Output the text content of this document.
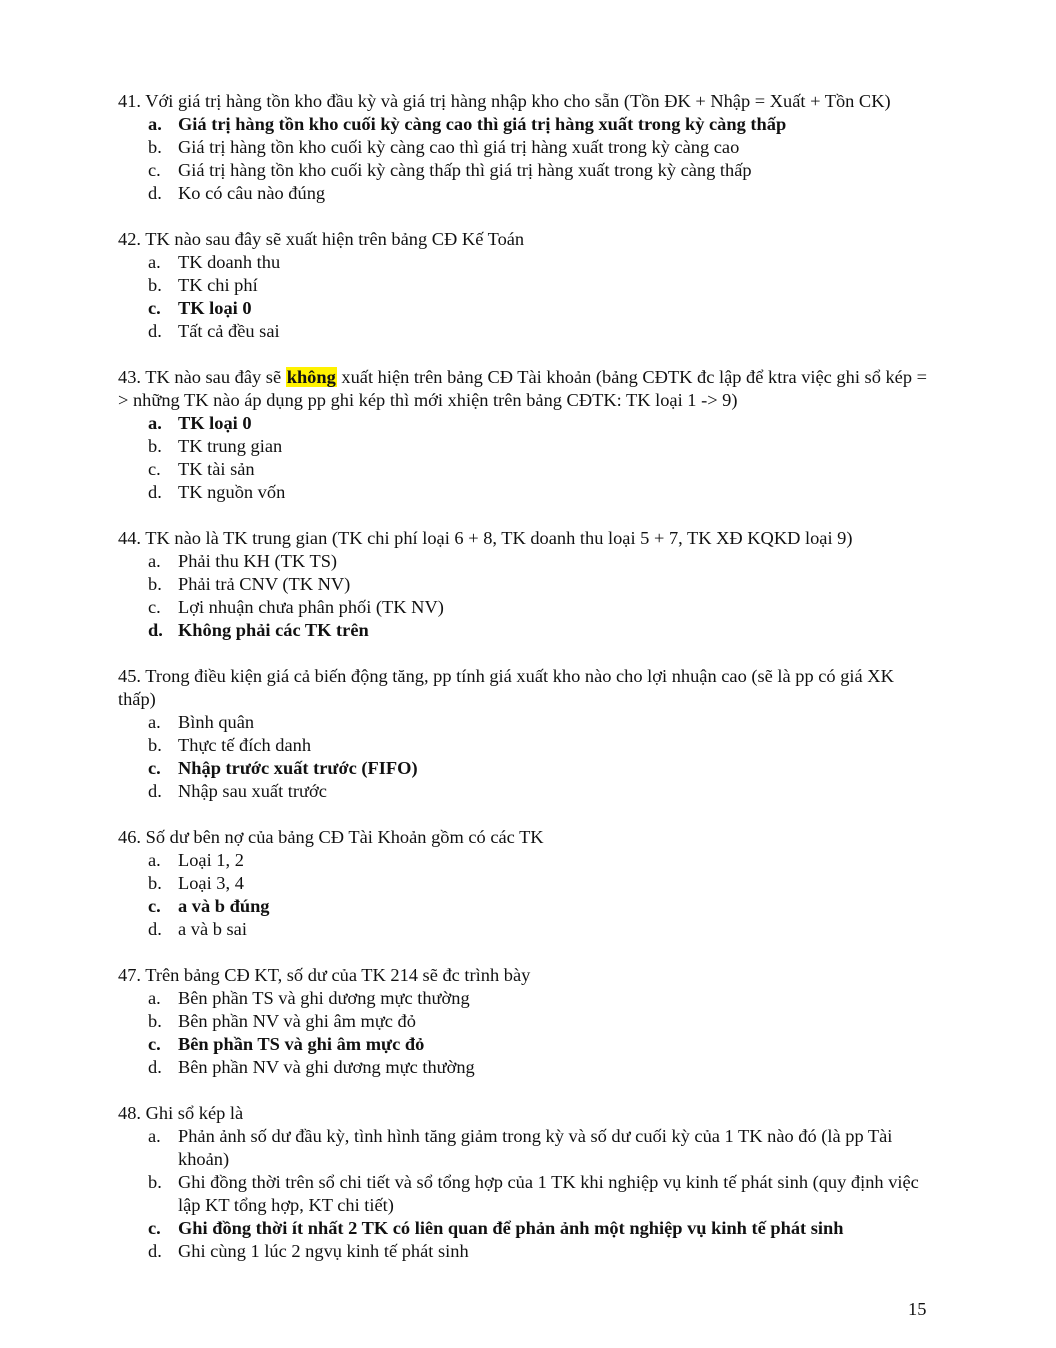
41. Với giá trị hàng tồn kho đầu kỳ và giá trị hàng nhập kho cho sẵn (Tồn ĐK + Nhập = Xuất + Tồn CK)

a. Giá trị hàng tồn kho cuối kỳ càng cao thì giá trị hàng xuất trong kỳ càng thấp
b. Giá trị hàng tồn kho cuối kỳ càng cao thì giá trị hàng xuất trong kỳ càng cao
c. Giá trị hàng tồn kho cuối kỳ càng thấp thì giá trị hàng xuất trong kỳ càng thấp
d. Ko có câu nào đúng

42. TK nào sau đây sẽ xuất hiện trên bảng CĐ Kế Toán

a. TK doanh thu
b. TK chi phí
c. TK loại 0
d. Tất cả đều sai

43. TK nào sau đây sẽ không xuất hiện trên bảng CĐ Tài khoản (bảng CĐTK đc lập để ktra việc ghi sổ kép = > những TK nào áp dụng pp ghi kép thì mới xhiện trên bảng CĐTK: TK loại 1 -> 9)

a. TK loại 0
b. TK trung gian
c. TK tài sản
d. TK nguồn vốn

44. TK nào là TK trung gian (TK chi phí loại 6 + 8, TK doanh thu loại 5 + 7, TK XĐ KQKD loại 9)

a. Phải thu KH (TK TS)
b. Phải trả CNV (TK NV)
c. Lợi nhuận chưa phân phối (TK NV)
d. Không phải các TK trên

45. Trong điều kiện giá cả biến động tăng, pp tính giá xuất kho nào cho lợi nhuận cao (sẽ là pp có giá XK thấp)

a. Bình quân
b. Thực tế đích danh
c. Nhập trước xuất trước (FIFO)
d. Nhập sau xuất trước

46. Số dư bên nợ của bảng CĐ Tài Khoản gồm có các TK

a. Loại 1, 2
b. Loại 3, 4
c. a và b đúng
d. a và b sai

47. Trên bảng CĐ KT, số dư của TK 214 sẽ đc trình bày

a. Bên phần TS và ghi dương mực thường
b. Bên phần NV và ghi âm mực đỏ
c. Bên phần TS và ghi âm mực đỏ
d. Bên phần NV và ghi dương mực thường

48. Ghi sổ kép là

a. Phản ảnh số dư đầu kỳ, tình hình tăng giảm trong kỳ và số dư cuối kỳ của 1 TK nào đó (là pp Tài khoản)
b. Ghi đồng thời trên sổ chi tiết và sổ tổng hợp của 1 TK khi nghiệp vụ kinh tế phát sinh (quy định việc lập KT tổng hợp, KT chi tiết)
c. Ghi đồng thời ít nhất 2 TK có liên quan để phản ảnh một nghiệp vụ kinh tế phát sinh
d. Ghi cùng 1 lúc 2 ngvụ kinh tế phát sinh
15
